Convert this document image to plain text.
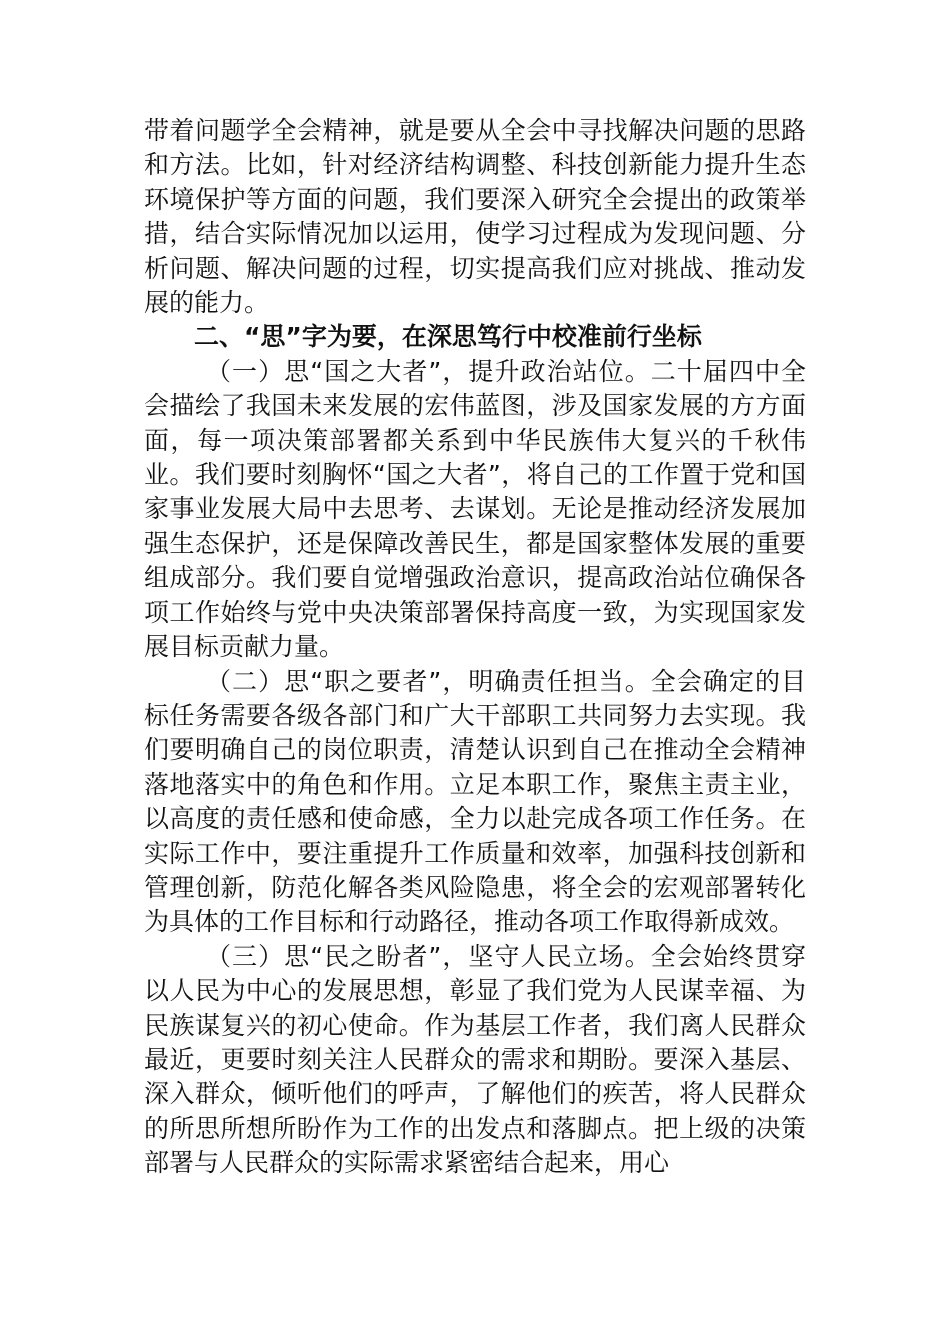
带着问题学全会精神，就是要从全会中寻找解决问题的思路和方法。比如，针对经济结构调整、科技创新能力提升生态环境保护等方面的问题，我们要深入研究全会提出的政策举措，结合实际情况加以运用，使学习过程成为发现问题、分析问题、解决问题的过程，切实提高我们应对挑战、推动发展的能力。

二、“思”字为要，在深思笃行中校准前行坐标

（一）思“国之大者”，提升政治站位。二十届四中全会描绘了我国未来发展的宏伟蓝图，涉及国家发展的方方面面，每一项决策部署都关系到中华民族伟大复兴的千秋伟业。我们要时刻胸怀“国之大者”，将自己的工作置于党和国家事业发展大局中去思考、去谋划。无论是推动经济发展加强生态保护，还是保障改善民生，都是国家整体发展的重要组成部分。我们要自觉增强政治意识，提高政治站位确保各项工作始终与党中央决策部署保持高度一致，为实现国家发展目标贡献力量。

（二）思“职之要者”，明确责任担当。全会确定的目标任务需要各级各部门和广大干部职工共同努力去实现。我们要明确自己的岗位职责，清楚认识到自己在推动全会精神落地落实中的角色和作用。立足本职工作，聚焦主责主业，以高度的责任感和使命感，全力以赴完成各项工作任务。在实际工作中，要注重提升工作质量和效率，加强科技创新和管理创新，防范化解各类风险隐患，将全会的宏观部署转化为具体的工作目标和行动路径，推动各项工作取得新成效。

（三）思“民之盼者”，坚守人民立场。全会始终贯穿以人民为中心的发展思想，彰显了我们党为人民谋幸福、为民族谋复兴的初心使命。作为基层工作者，我们离人民群众最近，更要时刻关注人民群众的需求和期盼。要深入基层、深入群众，倾听他们的呼声，了解他们的疾苦，将人民群众的所思所想所盼作为工作的出发点和落脚点。把上级的决策部署与人民群众的实际需求紧密结合起来，用心
